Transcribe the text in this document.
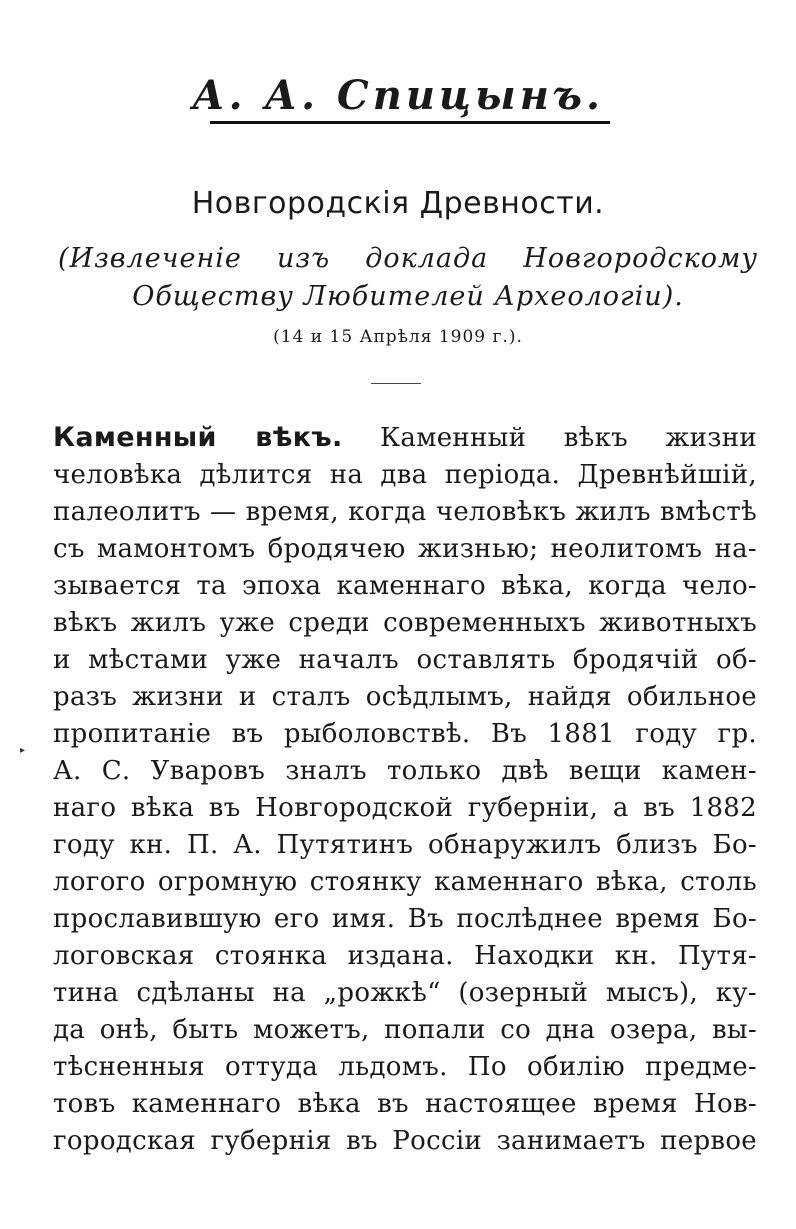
А. А. Спицынъ.
Новгородскія Древности.
(Извлеченіе изъ доклада Новгородскому Обществу Любителей Археологіи).
(14 и 15 Апрѣля 1909 г.).
▸
Каменный вѣкъ. Каменный вѣкъ жизни
человѣка дѣлится на два періода. Древнѣйшій,
палеолитъ — время, когда человѣкъ жилъ вмѣстѣ
съ мамонтомъ бродячею жизнью; неолитомъ на-
зывается та эпоха каменнаго вѣка, когда чело-
вѣкъ жилъ уже среди современныхъ животныхъ
и мѣстами уже началъ оставлять бродячій об-
разъ жизни и сталъ осѣдлымъ, найдя обильное
пропитаніе въ рыболовствѣ. Въ 1881 году гр.
А. С. Уваровъ зналъ только двѣ вещи камен-
наго вѣка въ Новгородской губерніи, а въ 1882
году кн. П. А. Путятинъ обнаружилъ близъ Бо-
логого огромную стоянку каменнаго вѣка, столь
прославившую его имя. Въ послѣднее время Бо-
логовская стоянка издана. Находки кн. Путя-
тина сдѣланы на „рожкѣ“ (озерный мысъ), ку-
да онѣ, быть можетъ, попали со дна озера, вы-
тѣсненныя оттуда льдомъ. По обилію предме-
товъ каменнаго вѣка въ настоящее время Нов-
городская губернія въ Россіи занимаетъ первое
